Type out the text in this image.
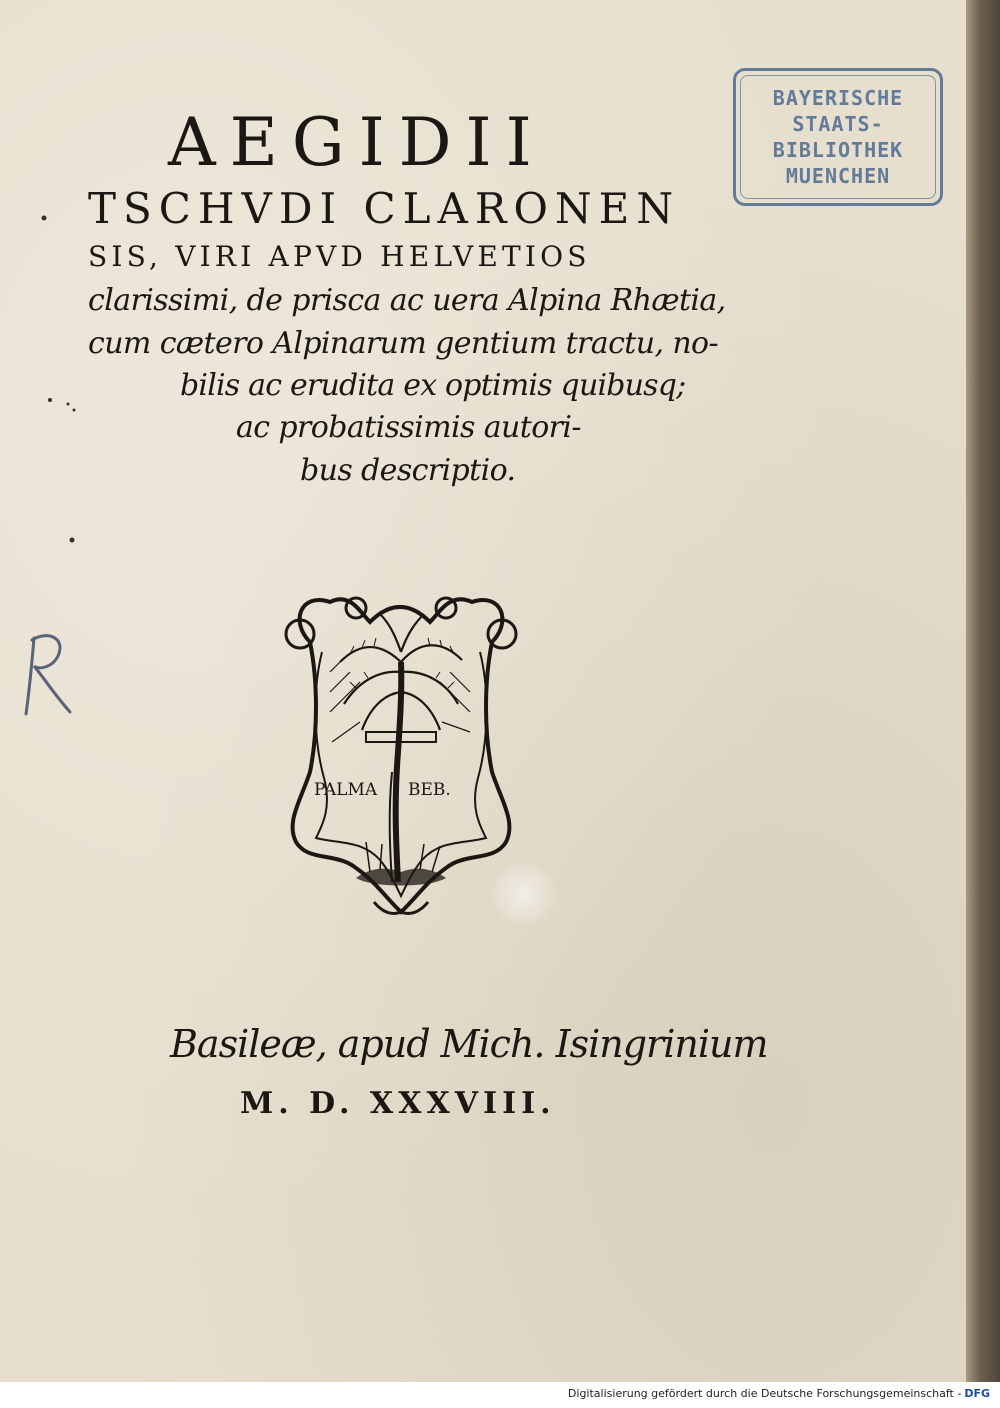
AEGIDII
TSCHVDI CLARONEN
SIS, VIRI APVD HELVETIOS
clarissimi, de prisca ac uera Alpina Rhætia,
cum cætero Alpinarum gentium tractu, no-
bilis ac erudita ex optimis quibusq;
ac probatissimis autori-
bus descriptio.
BAYERISCHE
STAATS-
BIBLIOTHEK
MUENCHEN
PALMA BEB.
Basileæ, apud Mich. Isingrinium
M. D. XXXVIII.
Digitalisierung gefördert durch die Deutsche Forschungsgemeinschaft - DFG
